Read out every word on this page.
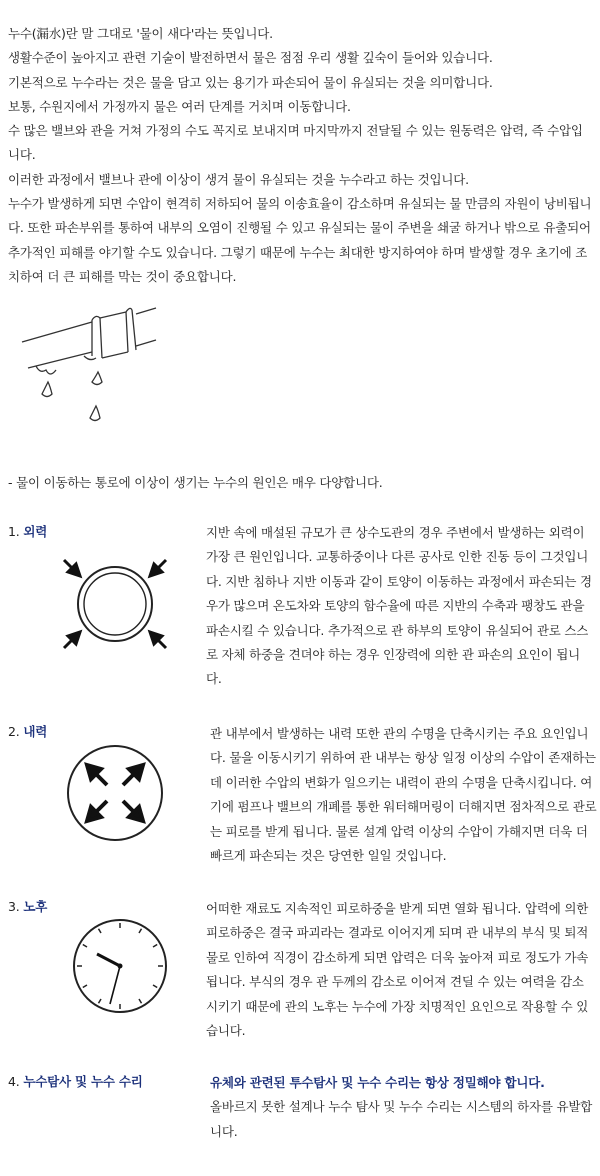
누수(漏水)란 말 그대로 '물이 새다'라는 뜻입니다.

생활수준이 높아지고 관련 기술이 발전하면서 물은 점점 우리 생활 깊숙이 들어와 있습니다.

기본적으로 누수라는 것은 물을 담고 있는 용기가 파손되어 물이 유실되는 것을 의미합니다.

보통, 수원지에서 가정까지 물은 여러 단계를 거치며 이동합니다.

수 많은 밸브와 관을 거쳐 가정의 수도 꼭지로 보내지며 마지막까지 전달될 수 있는 원동력은 압력, 즉 수압입니다.

이러한 과정에서 밸브나 관에 이상이 생겨 물이 유실되는 것을 누수라고 하는 것입니다.

누수가 발생하게 되면 수압이 현격히 저하되어 물의 이송효율이 감소하며 유실되는 물 만큼의 자원이 낭비됩니다. 또한 파손부위를 통하여 내부의 오염이 진행될 수 있고 유실되는 물이 주변을 쇄굴 하거나 밖으로 유출되어 추가적인 피해를 야기할 수도 있습니다. 그렇기 때문에 누수는 최대한 방지하여야 하며 발생할 경우 초기에 조치하여 더 큰 피해를 막는 것이 중요합니다.

- 물이 이동하는 통로에 이상이 생기는 누수의 원인은 매우 다양합니다.
1. 외력	지반 속에 매설된 규모가 큰 상수도관의 경우 주변에서 발생하는 외력이 가장 큰 원인입니다. 교통하중이나 다른 공사로 인한 진동 등이 그것입니다. 지반 침하나 지반 이동과 같이 토양이 이동하는 과정에서 파손되는 경우가 많으며 온도차와 토양의 함수율에 따른 지반의 수축과 팽창도 관을 파손시킬 수 있습니다. 추가적으로 관 하부의 토양이 유실되어 관로 스스로 자체 하중을 견뎌야 하는 경우 인장력에 의한 관 파손의 요인이 됩니다.
2. 내력	관 내부에서 발생하는 내력 또한 관의 수명을 단축시키는 주요 요인입니다. 물을 이동시키기 위하여 관 내부는 항상 일정 이상의 수압이 존재하는데 이러한 수압의 변화가 일으키는 내력이 관의 수명을 단축시킵니다. 여기에 펌프나 밸브의 개폐를 통한 워터해머링이 더해지면 점차적으로 관로는 피로를 받게 됩니다. 물론 설계 압력 이상의 수압이 가해지면 더욱 더 빠르게 파손되는 것은 당연한 일일 것입니다.
3. 노후	어떠한 재료도 지속적인 피로하중을 받게 되면 열화 됩니다. 압력에 의한 피로하중은 결국 파괴라는 결과로 이어지게 되며 관 내부의 부식 및 퇴적물로 인하여 직경이 감소하게 되면 압력은 더욱 높아져 피로 정도가 가속됩니다. 부식의 경우 관 두께의 감소로 이어져 견딜 수 있는 여력을 감소시키기 때문에 관의 노후는 누수에 가장 치명적인 요인으로 작용할 수 있습니다.
4. 누수탐사 및 누수 수리	유체와 관련된 투수탐사 및 누수 수리는 항상 정밀해야 합니다.

올바르지 못한 설계나 누수 탐사 및 누수 수리는 시스템의 하자를 유발합니다.
